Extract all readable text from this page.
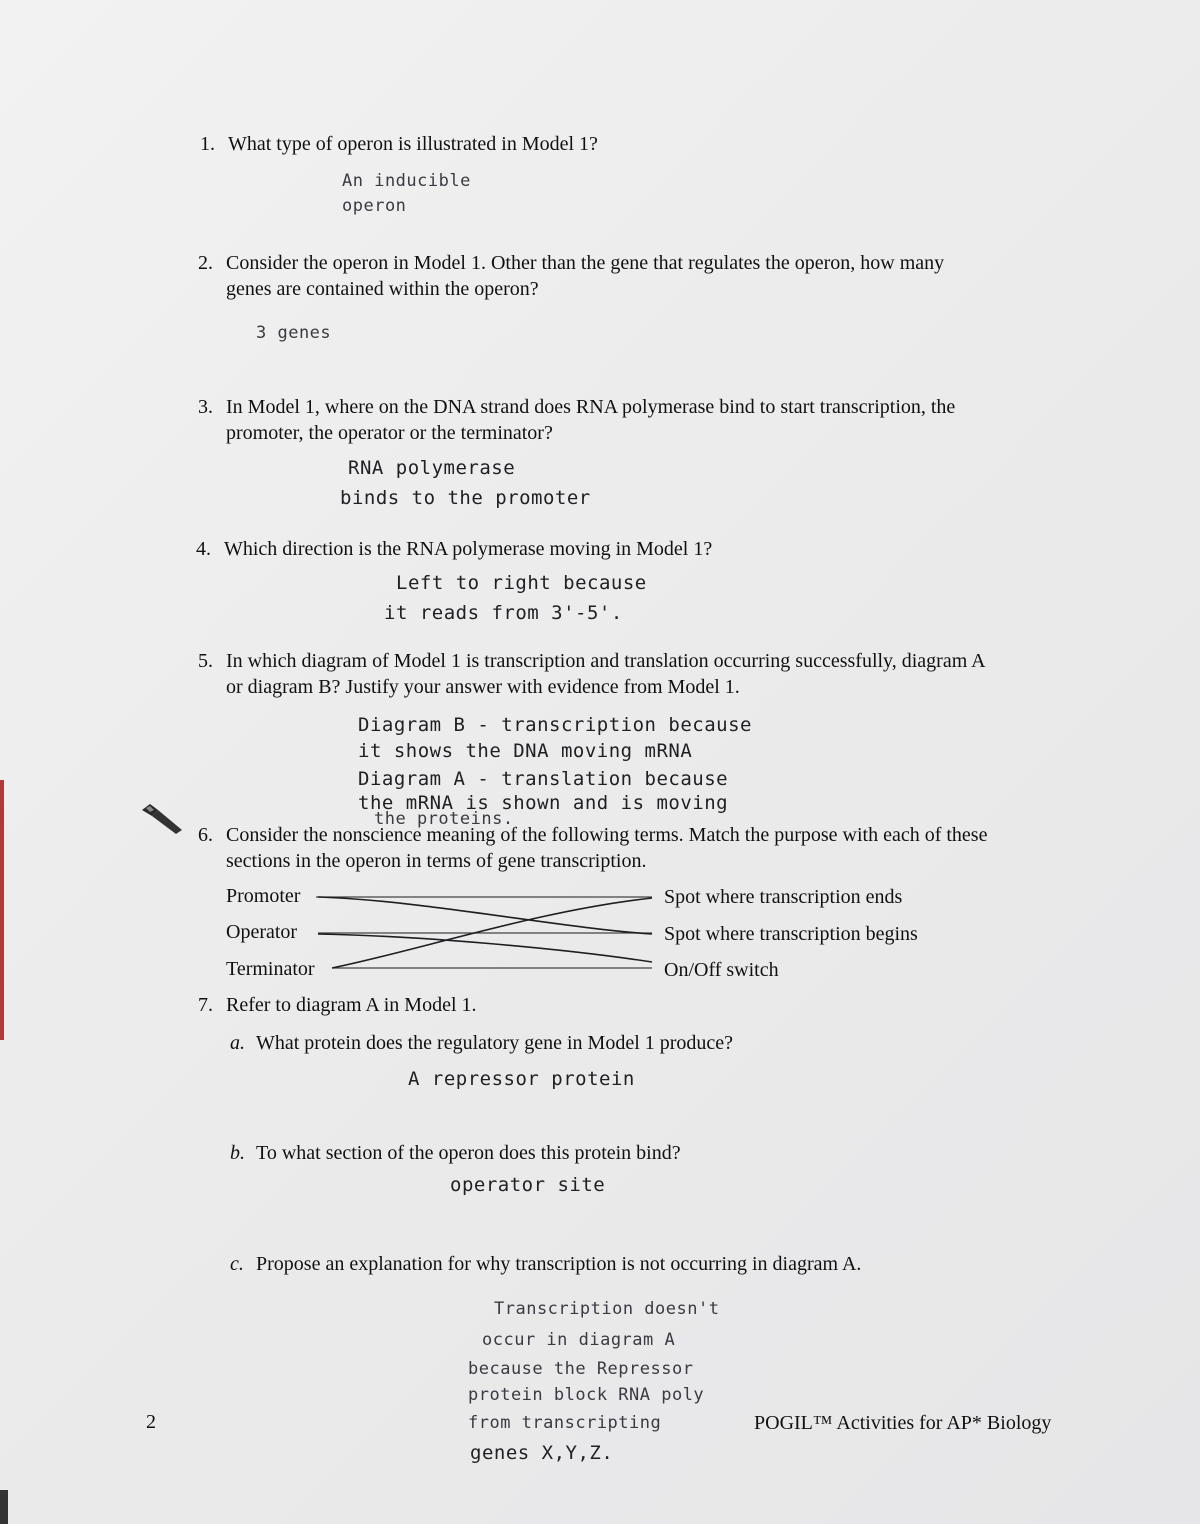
1. What type of operon is illustrated in Model 1?
An inducible
operon
2. Consider the operon in Model 1. Other than the gene that regulates the operon, how many
genes are contained within the operon?
3 genes
3. In Model 1, where on the DNA strand does RNA polymerase bind to start transcription, the
promoter, the operator or the terminator?
RNA polymerase
binds to the promoter
4. Which direction is the RNA polymerase moving in Model 1?
Left to right because
it reads from 3'-5'.
5. In which diagram of Model 1 is transcription and translation occurring successfully, diagram A
or diagram B? Justify your answer with evidence from Model 1.
Diagram B - transcription because
it shows the DNA moving mRNA
Diagram A - translation because
the mRNA is shown and is moving
the proteins.
6. Consider the nonscience meaning of the following terms. Match the purpose with each of these
sections in the operon in terms of gene transcription.
Promoter
Operator
Terminator
Spot where transcription ends
Spot where transcription begins
On/Off switch
7. Refer to diagram A in Model 1.
a. What protein does the regulatory gene in Model 1 produce?
A repressor protein
b. To what section of the operon does this protein bind?
operator site
c. Propose an explanation for why transcription is not occurring in diagram A.
Transcription doesn't
occur in diagram A
because the Repressor
protein block RNA poly
from transcripting
genes X,Y,Z.
2	POGIL™ Activities for AP* Biology
